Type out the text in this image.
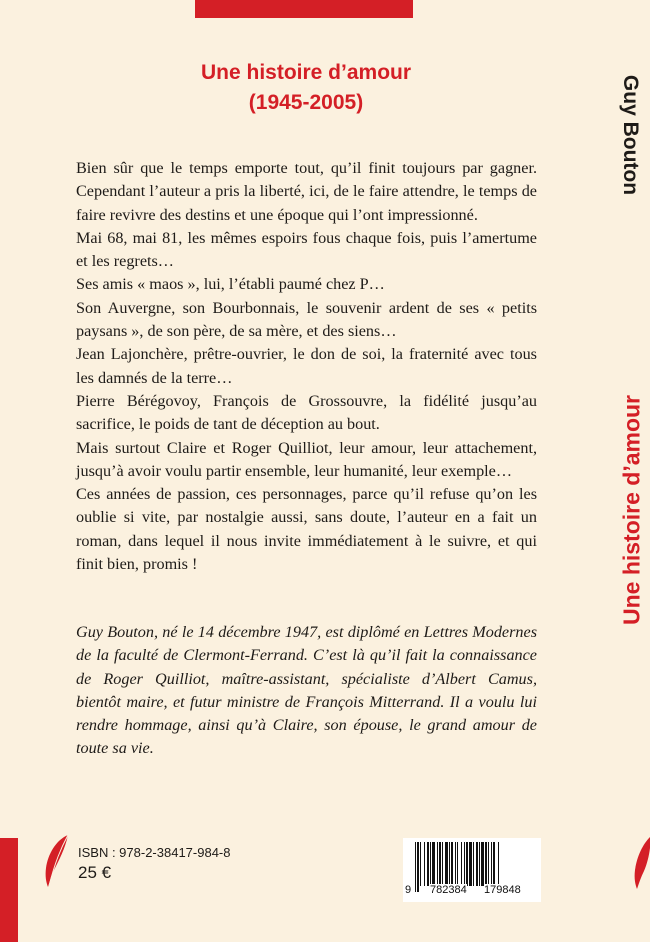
Une histoire d’amour
(1945-2005)

Bien sûr que le temps emporte tout, qu’il finit toujours par gagner. Cependant l’auteur a pris la liberté, ici, de le faire attendre, le temps de faire revivre des destins et une époque qui l’ont impressionné.

Mai 68, mai 81, les mêmes espoirs fous chaque fois, puis l’amertume et les regrets…

Ses amis « maos », lui, l’établi paumé chez P…

Son Auvergne, son Bourbonnais, le souvenir ardent de ses « petits paysans », de son père, de sa mère, et des siens…

Jean Lajonchère, prêtre-ouvrier, le don de soi, la fraternité avec tous les damnés de la terre…

Pierre Bérégovoy, François de Grossouvre, la fidélité jusqu’au sacrifice, le poids de tant de déception au bout.

Mais surtout Claire et Roger Quilliot, leur amour, leur attachement, jusqu’à avoir voulu partir ensemble, leur humanité, leur exemple…

Ces années de passion, ces personnages, parce qu’il refuse qu’on les oublie si vite, par nostalgie aussi, sans doute, l’auteur en a fait un roman, dans lequel il nous invite immédiatement à le suivre, et qui finit bien, promis !

Guy Bouton, né le 14 décembre 1947, est diplômé en Lettres Modernes de la faculté de Clermont-Ferrand. C’est là qu’il fait la connaissance de Roger Quilliot, maître-assistant, spécialiste d’Albert Camus, bientôt maire, et futur ministre de François Mitterrand. Il a voulu lui rendre hommage, ainsi qu’à Claire, son épouse, le grand amour de toute sa vie.
Guy Bouton
Une histoire d’amour
ISBN : 978-2-38417-984-8
25 €
9 782384 179848
